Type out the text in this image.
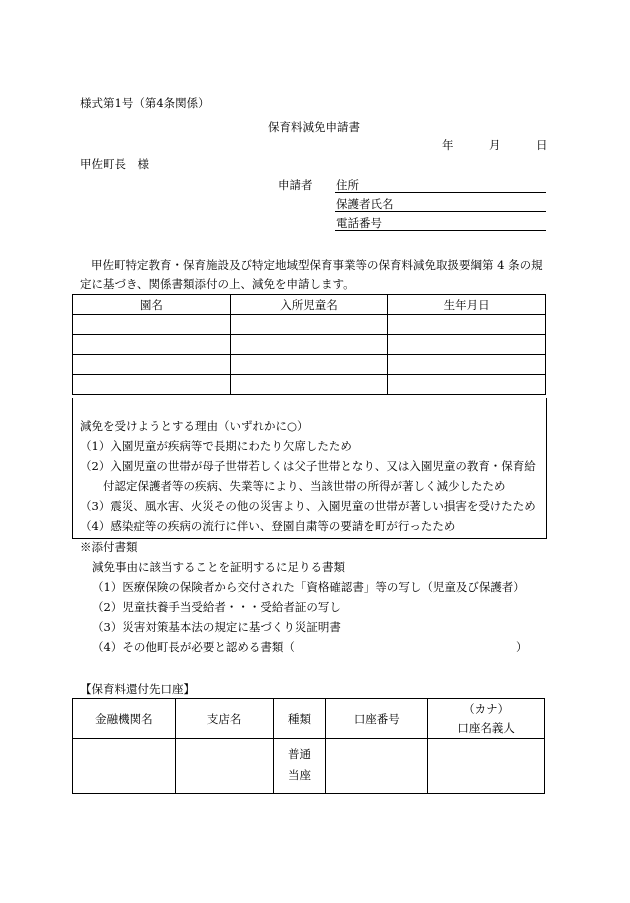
様式第1号（第4条関係）
保育料減免申請書
年	月	日
甲佐町長　様
申請者 住所
保護者氏名
電話番号
甲佐町特定教育・保育施設及び特定地域型保育事業等の保育料減免取扱要綱第 4 条の規
定に基づき、関係書類添付の上、減免を申請します。
園名	入所児童名	生年月日

減免を受けようとする理由（いずれかに○）
（1）入園児童が疾病等で長期にわたり欠席したため
（2）入園児童の世帯が母子世帯若しくは父子世帯となり、又は入園児童の教育・保育給
付認定保護者等の疾病、失業等により、当該世帯の所得が著しく減少したため
（3）震災、風水害、火災その他の災害より、入園児童の世帯が著しい損害を受けたため
（4）感染症等の疾病の流行に伴い、登園自粛等の要請を町が行ったため
※添付書類
減免事由に該当することを証明するに足りる書類
（1）医療保険の保険者から交付された「資格確認書」等の写し（児童及び保護者）
（2）児童扶養手当受給者・・・受給者証の写し
（3）災害対策基本法の規定に基づくり災証明書
（4）その他町長が必要と認める書類（	）
【保育料還付先口座】
金融機関名	支店名	種類	口座番号	（カナ）
口座名義人

		普通
当座		
